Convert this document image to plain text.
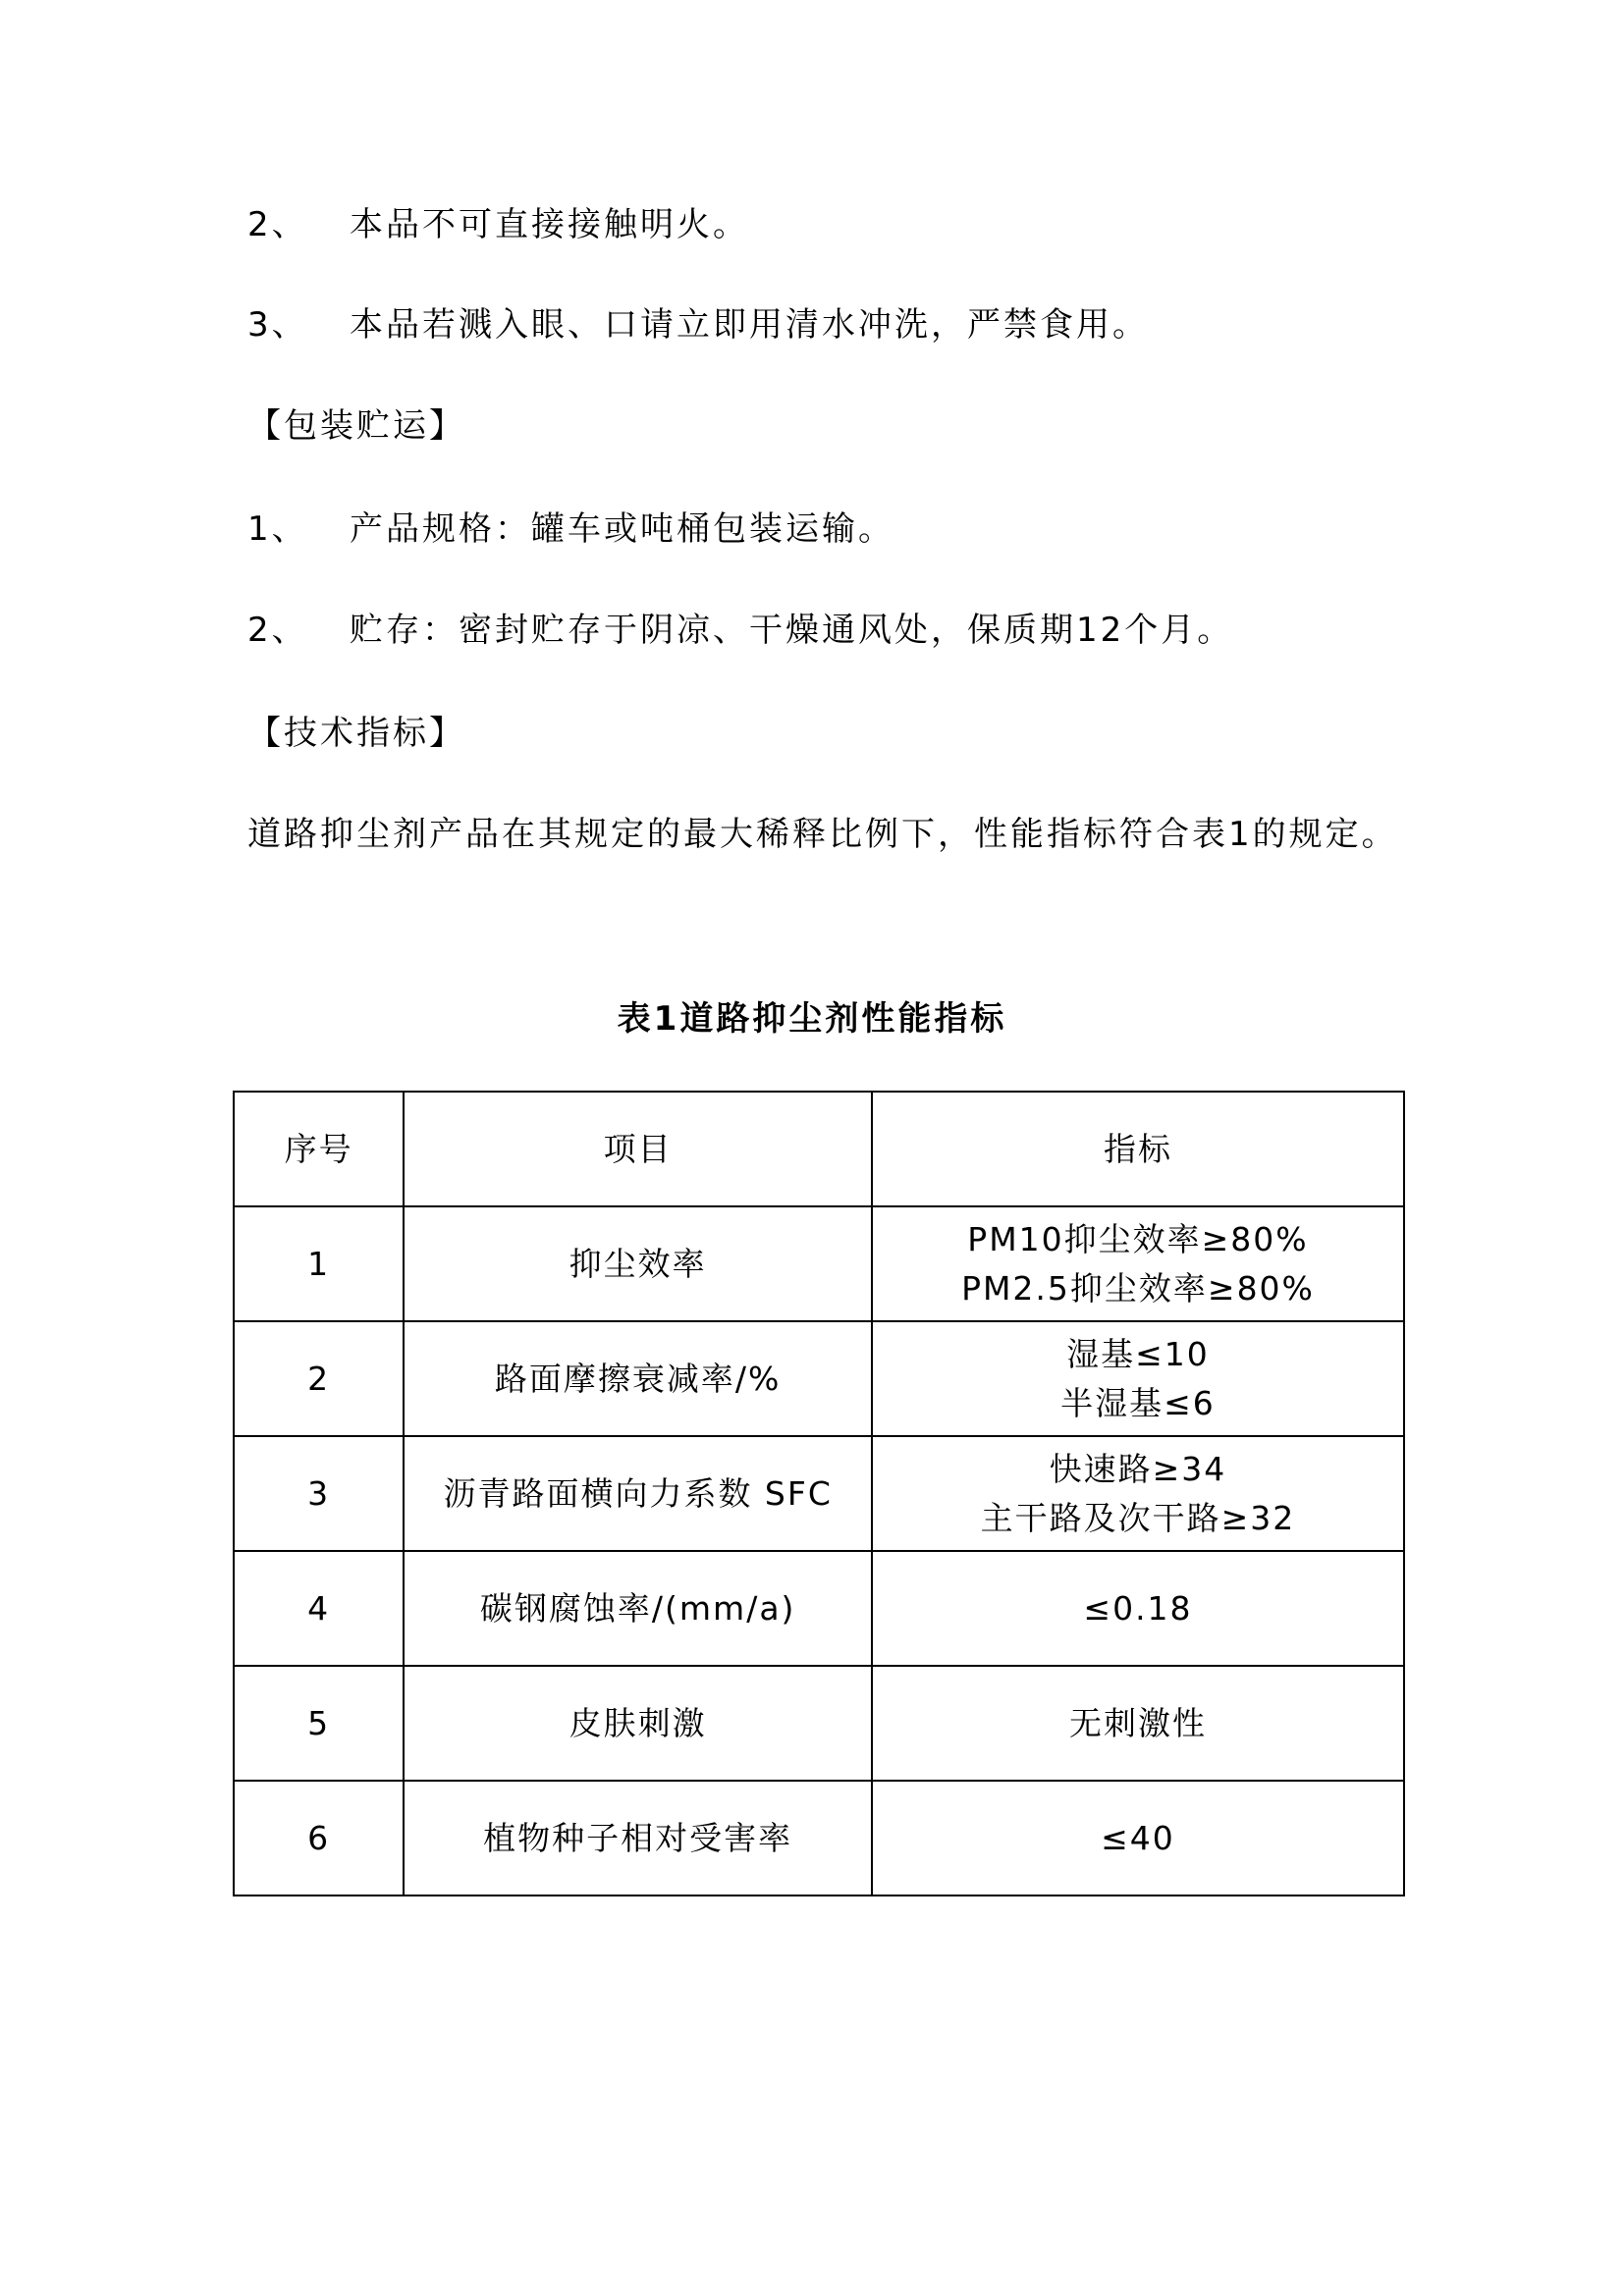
2、 本品不可直接接触明火。
3、 本品若溅入眼、口请立即用清水冲洗，严禁食用。
【包装贮运】
1、 产品规格：罐车或吨桶包装运输。
2、 贮存：密封贮存于阴凉、干燥通风处，保质期12个月。
【技术指标】
道路抑尘剂产品在其规定的最大稀释比例下，性能指标符合表1的规定。
表1道路抑尘剂性能指标
序号	项目	指标
1	抑尘效率	PM10抑尘效率≥80%
PM2.5抑尘效率≥80%

2	路面摩擦衰减率/%	湿基≤10
半湿基≤6

3	沥青路面横向力系数 SFC	快速路≥34
主干路及次干路≥32

4	碳钢腐蚀率/(mm/a)	≤0.18

5	皮肤刺激	无刺激性

6	植物种子相对受害率	≤40
